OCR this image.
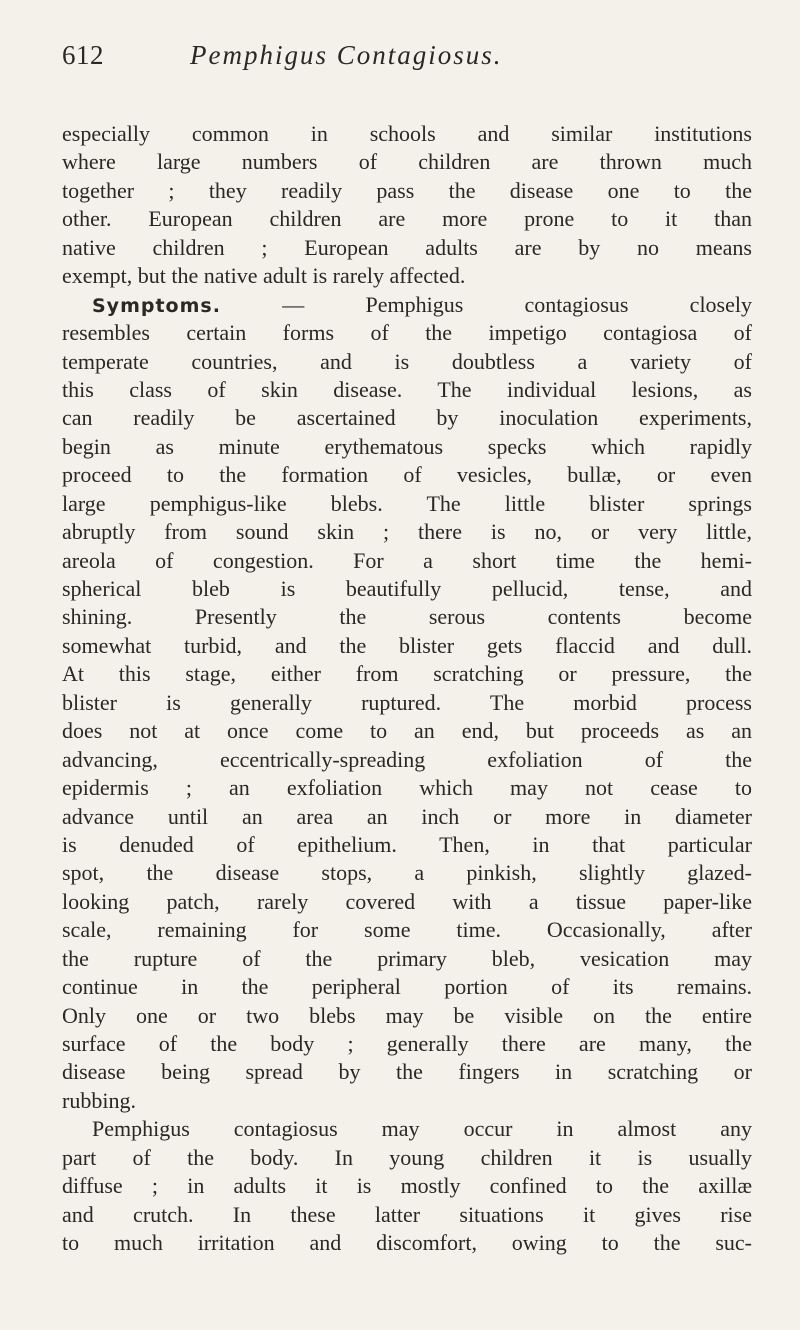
612	Pemphigus Contagiosus.
especially common in schools and similar institutions
where large numbers of children are thrown much
together ; they readily pass the disease one to the
other. European children are more prone to it than
native children ; European adults are by no means
exempt, but the native adult is rarely affected.
Symptoms. — Pemphigus contagiosus closely
resembles certain forms of the impetigo contagiosa of
temperate countries, and is doubtless a variety of
this class of skin disease. The individual lesions, as
can readily be ascertained by inoculation experiments,
begin as minute erythematous specks which rapidly
proceed to the formation of vesicles, bullæ, or even
large pemphigus-like blebs. The little blister springs
abruptly from sound skin ; there is no, or very little,
areola of congestion. For a short time the hemi-
spherical bleb is beautifully pellucid, tense, and
shining. Presently the serous contents become
somewhat turbid, and the blister gets flaccid and dull.
At this stage, either from scratching or pressure, the
blister is generally ruptured. The morbid process
does not at once come to an end, but proceeds as an
advancing, eccentrically-spreading exfoliation of the
epidermis ; an exfoliation which may not cease to
advance until an area an inch or more in diameter
is denuded of epithelium. Then, in that particular
spot, the disease stops, a pinkish, slightly glazed-
looking patch, rarely covered with a tissue paper-like
scale, remaining for some time. Occasionally, after
the rupture of the primary bleb, vesication may
continue in the peripheral portion of its remains.
Only one or two blebs may be visible on the entire
surface of the body ; generally there are many, the
disease being spread by the fingers in scratching or
rubbing.
Pemphigus contagiosus may occur in almost any
part of the body. In young children it is usually
diffuse ; in adults it is mostly confined to the axillæ
and crutch. In these latter situations it gives rise
to much irritation and discomfort, owing to the suc-
